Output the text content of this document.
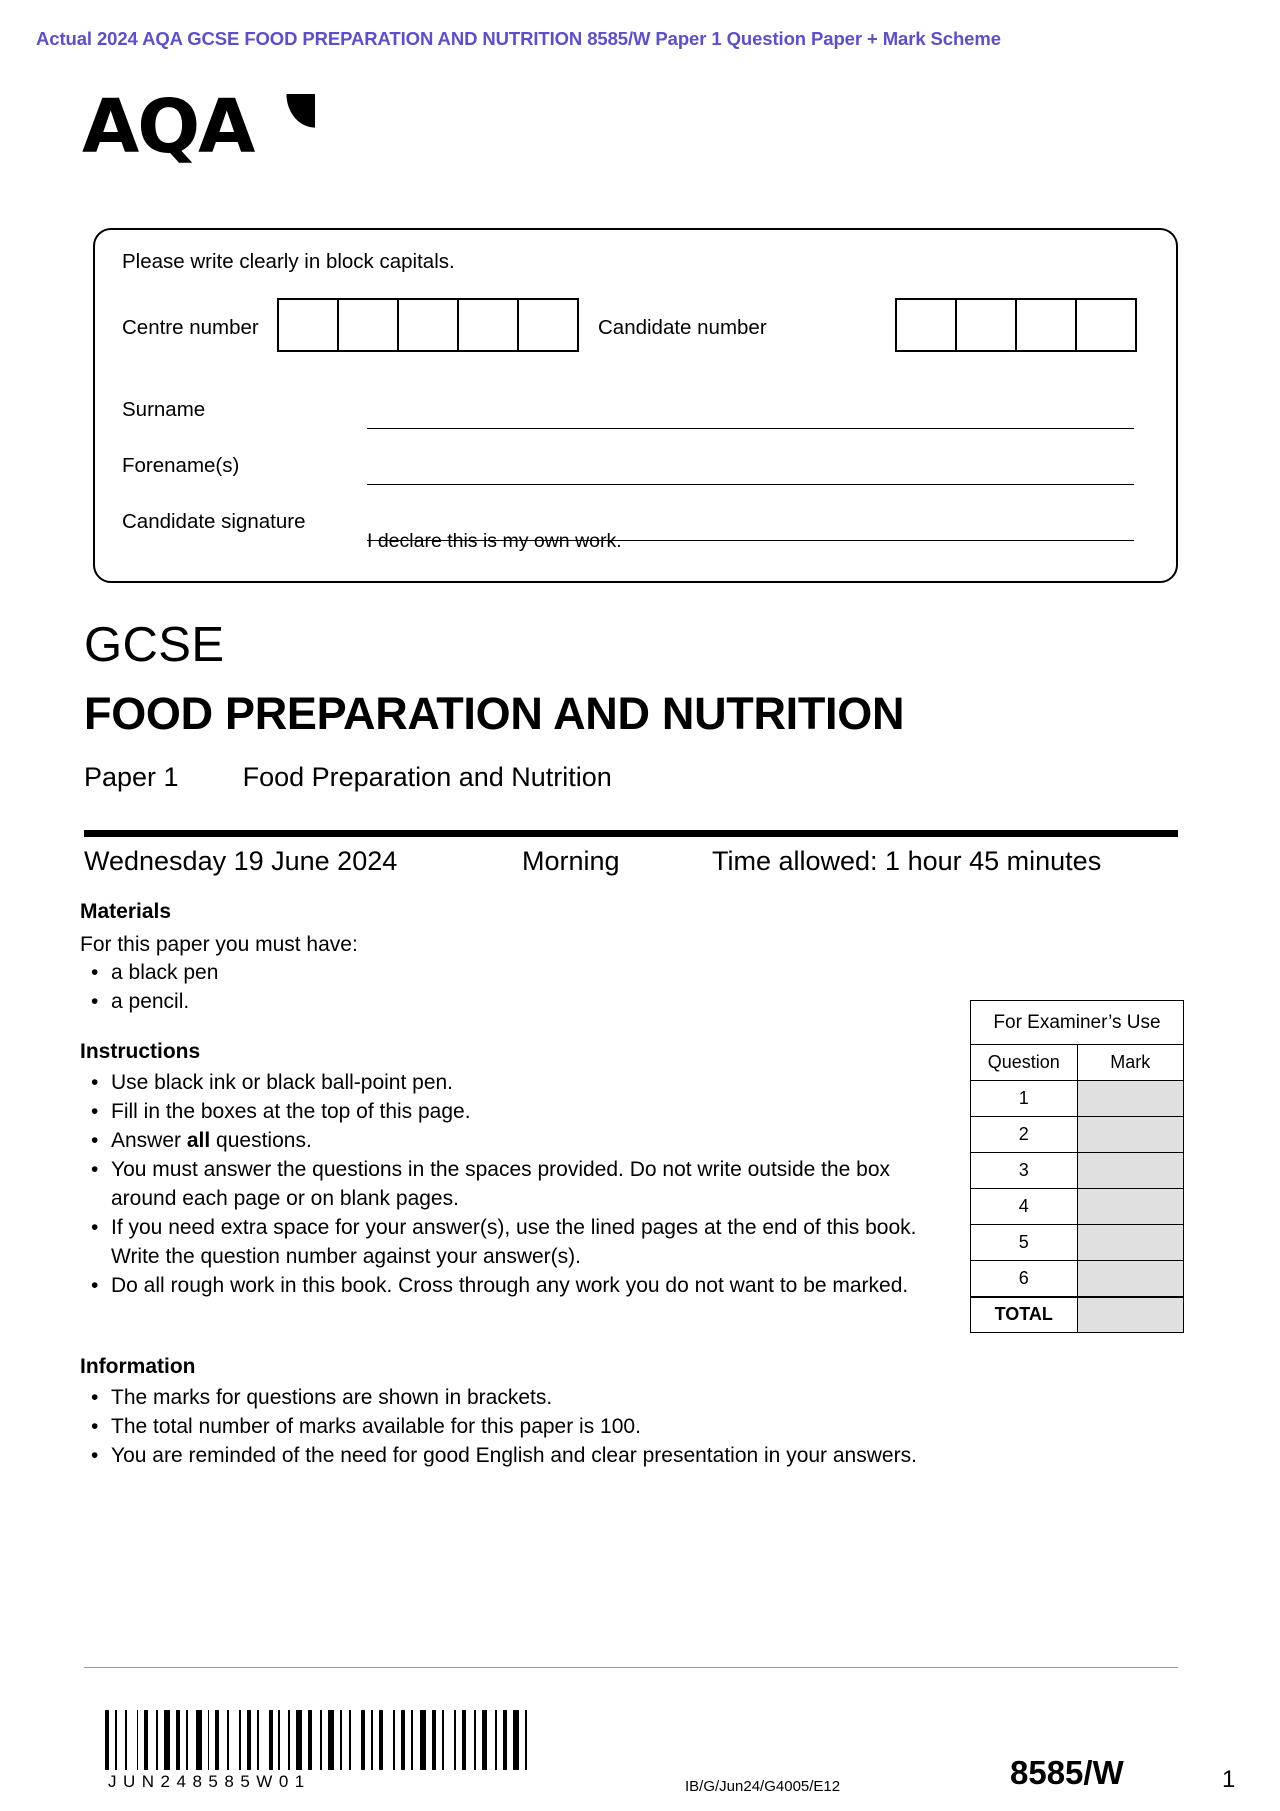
Actual 2024 AQA GCSE FOOD PREPARATION AND NUTRITION 8585/W Paper 1 Question Paper + Mark Scheme
AQA
Please write clearly in block capitals.
Centre number	Candidate number
Surname
Forename(s)
Candidate signature
I declare this is my own work.
GCSE
FOOD PREPARATION AND NUTRITION
Paper 1 Food Preparation and Nutrition
Wednesday 19 June 2024	Morning	Time allowed: 1 hour 45 minutes
Materials
For this paper you must have:
• a black pen
• a pencil.
Instructions
• Use black ink or black ball-point pen.
• Fill in the boxes at the top of this page.
• Answer all questions.
• You must answer the questions in the spaces provided. Do not write outside the box around each page or on blank pages.
• If you need extra space for your answer(s), use the lined pages at the end of this book. Write the question number against your answer(s).
• Do all rough work in this book. Cross through any work you do not want to be marked.
Information
• The marks for questions are shown in brackets.
• The total number of marks available for this paper is 100.
• You are reminded of the need for good English and clear presentation in your answers.
For Examiner’s Use	
Question	Mark
1	
2	
3	
4	
5	
6	
TOTAL	
JUN248585W01	IB/G/Jun24/G4005/E12	8585/W	1
